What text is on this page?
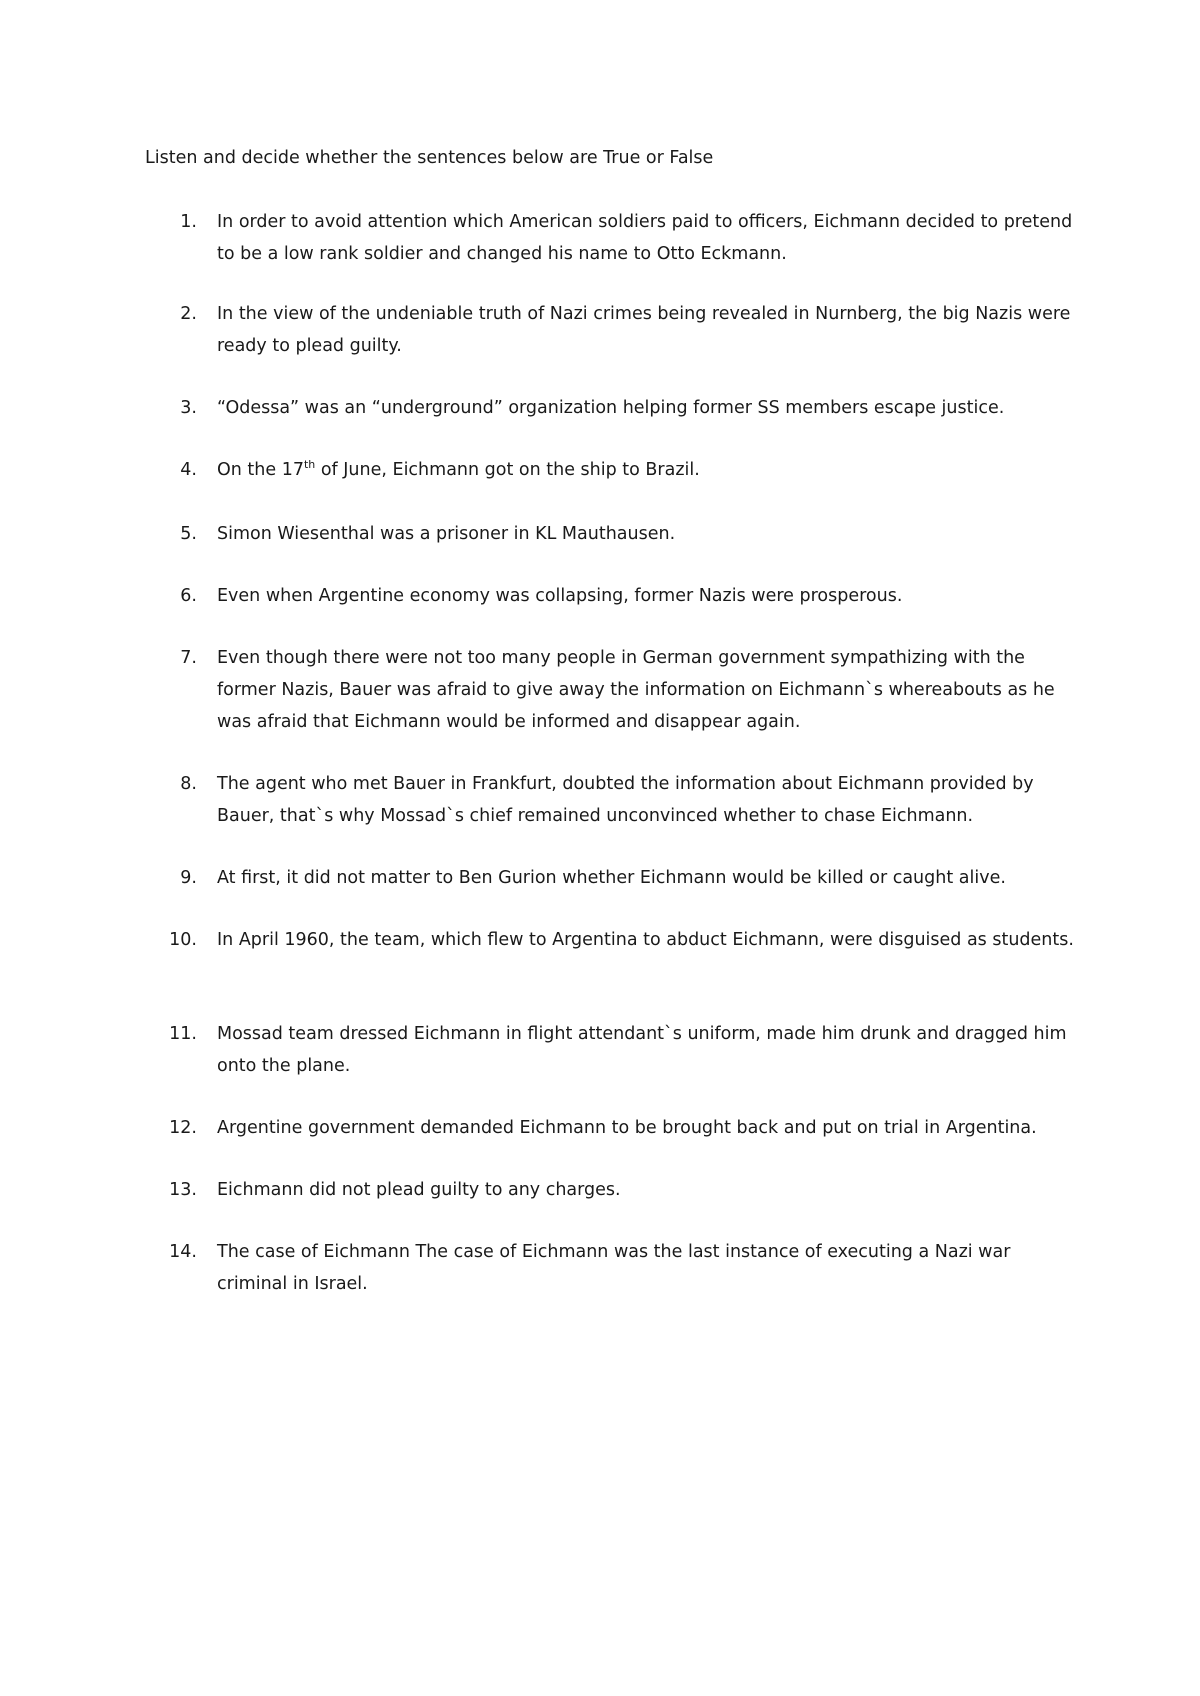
Listen and decide whether the sentences below are True or False

1. In order to avoid attention which American soldiers paid to officers, Eichmann decided to pretend to be a low rank soldier and changed his name to Otto Eckmann.
2. In the view of the undeniable truth of Nazi crimes being revealed in Nurnberg, the big Nazis were ready to plead guilty.
3. “Odessa” was an “underground” organization helping former SS members escape justice.
4. On the 17th of June, Eichmann got on the ship to Brazil.
5. Simon Wiesenthal was a prisoner in KL Mauthausen.
6. Even when Argentine economy was collapsing, former Nazis were prosperous.
7. Even though there were not too many people in German government sympathizing with the former Nazis, Bauer was afraid to give away the information on Eichmann`s whereabouts as he was afraid that Eichmann would be informed and disappear again.
8. The agent who met Bauer in Frankfurt, doubted the information about Eichmann provided by Bauer, that`s why Mossad`s chief remained unconvinced whether to chase Eichmann.
9. At first, it did not matter to Ben Gurion whether Eichmann would be killed or caught alive.
10. In April 1960, the team, which flew to Argentina to abduct Eichmann, were disguised as students.
11. Mossad team dressed Eichmann in flight attendant`s uniform, made him drunk and dragged him onto the plane.
12. Argentine government demanded Eichmann to be brought back and put on trial in Argentina.
13. Eichmann did not plead guilty to any charges.
14. The case of Eichmann The case of Eichmann was the last instance of executing a Nazi war criminal in Israel.
